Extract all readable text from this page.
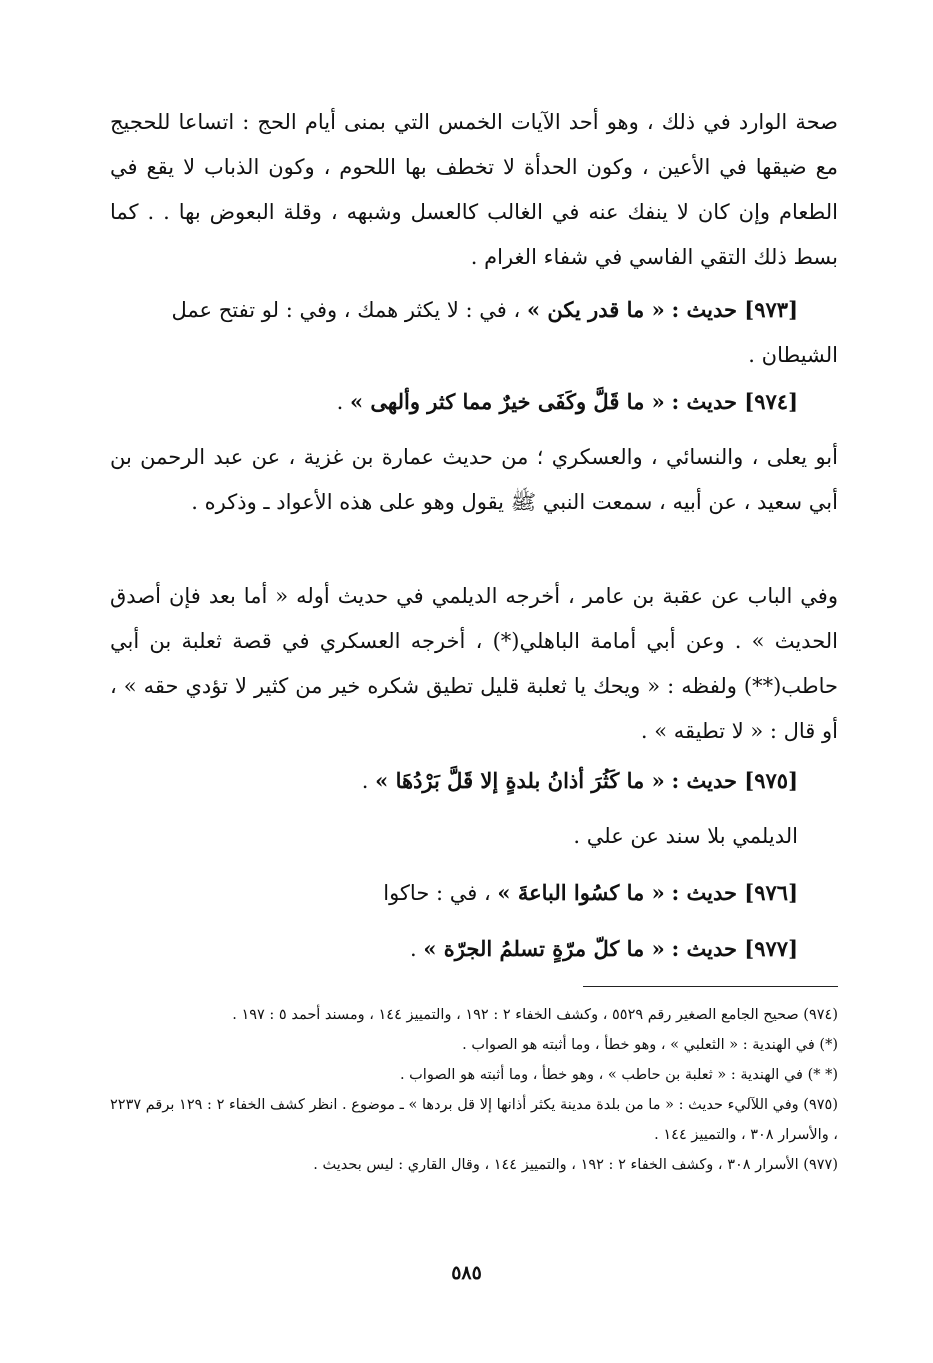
صحة الوارد في ذلك ، وهو أحد الآيات الخمس التي بمنى أيام الحج : اتساعا للحجيج مع ضيقها في الأعين ، وكون الحدأة لا تخطف بها اللحوم ، وكون الذباب لا يقع في الطعام وإن كان لا ينفك عنه في الغالب كالعسل وشبهه ، وقلة البعوض بها . . كما بسط ذلك التقي الفاسي في شفاء الغرام .

[٩٧٣] حديث : « ما قدر يكن » ، في : لا يكثر همك ، وفي : لو تفتح عمل الشيطان .

[٩٧٤] حديث : « ما قَلَّ وكَفَى خيرٌ مما كثر وألهى » .

أبو يعلى ، والنسائي ، والعسكري ؛ من حديث عمارة بن غزية ، عن عبد الرحمن بن أبي سعيد ، عن أبيه ، سمعت النبي ﷺ يقول وهو على هذه الأعواد ـ وذكره .

وفي الباب عن عقبة بن عامر ، أخرجه الديلمي في حديث أوله « أما بعد فإن أصدق الحديث » . وعن أبي أمامة الباهلي(*) ، أخرجه العسكري في قصة ثعلبة بن أبي حاطب(**) ولفظه : « ويحك يا ثعلبة قليل تطيق شكره خير من كثير لا تؤدي حقه » ، أو قال : « لا تطيقه » .

[٩٧٥] حديث : « ما كَثُرَ أذانُ بلدةٍ إلا قَلَّ بَرْدُهَا » .

الديلمي بلا سند عن علي .

[٩٧٦] حديث : « ما كسُوا الباعةَ » ، في : حاكوا

[٩٧٧] حديث : « ما كلّ مرّةٍ تسلمُ الجرّة » .

(٩٧٤) صحيح الجامع الصغير رقم ٥٥٢٩ ، وكشف الخفاء ٢ : ١٩٢ ، والتمييز ١٤٤ ، ومسند أحمد ٥ : ١٩٧ .

(*) في الهندية : « الثعلبي » ، وهو خطأ ، وما أثبته هو الصواب .

(* *) في الهندية : « ثعلبة بن حاطب » ، وهو خطأ ، وما أثبته هو الصواب .

(٩٧٥) وفي اللآليء حديث : « ما من بلدة مدينة يكثر أذانها إلا قل بردها » ـ موضوع . انظر كشف الخفاء ٢ : ١٢٩ برقم ٢٢٣٧ ، والأسرار ٣٠٨ ، والتمييز ١٤٤ .

(٩٧٧) الأسرار ٣٠٨ ، وكشف الخفاء ٢ : ١٩٢ ، والتمييز ١٤٤ ، وقال القاري : ليس بحديث .

٥٨٥
